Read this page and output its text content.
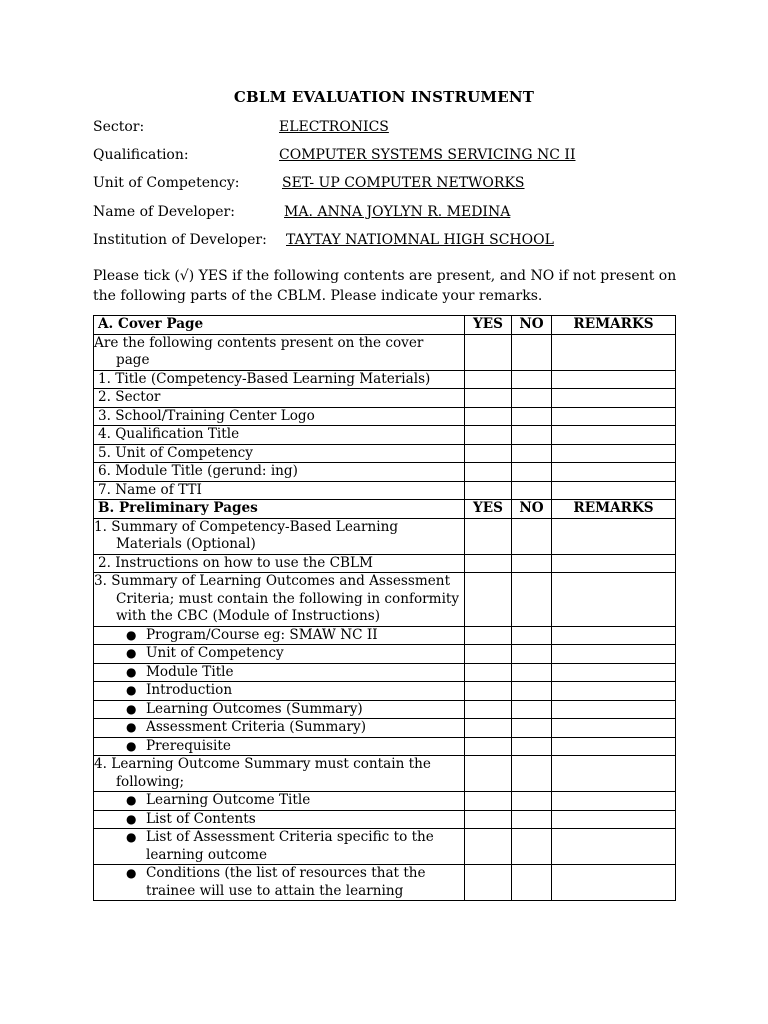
CBLM EVALUATION INSTRUMENT
Sector:	ELECTRONICS
Qualification:	COMPUTER SYSTEMS SERVICING NC II
Unit of Competency:	SET- UP COMPUTER NETWORKS
Name of Developer:	MA. ANNA JOYLYN R. MEDINA
Institution of Developer: TAYTAY NATIOMNAL HIGH SCHOOL
Please tick (√) YES if the following contents are present, and NO if not present on the following parts of the CBLM. Please indicate your remarks.
A. Cover Page	YES	NO	REMARKS
Are the following contents present on the cover page			
1. Title (Competency-Based Learning Materials)			
2. Sector			
3. School/Training Center Logo			
4. Qualification Title			
5. Unit of Competency			
6. Module Title (gerund: ing)			
7. Name of TTI			
B. Preliminary Pages	YES	NO	REMARKS
1. Summary of Competency-Based Learning Materials (Optional)			
2. Instructions on how to use the CBLM			
3. Summary of Learning Outcomes and Assessment Criteria; must contain the following in conformity with the CBC (Module of Instructions)			
● Program/Course eg: SMAW NC II			
● Unit of Competency			
● Module Title			
● Introduction			
● Learning Outcomes (Summary)			
● Assessment Criteria (Summary)			
● Prerequisite			
4. Learning Outcome Summary must contain the following;			
● Learning Outcome Title			
● List of Contents			
● List of Assessment Criteria specific to the learning outcome			
● Conditions (the list of resources that the trainee will use to attain the learning			
